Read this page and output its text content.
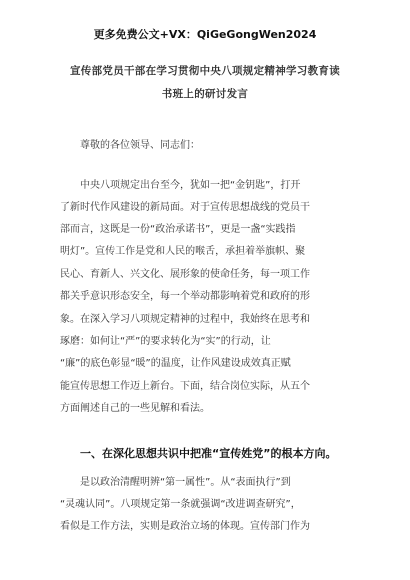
更多免费公文+VX：QiGeGongWen2024
宣传部党员干部在学习贯彻中央八项规定精神学习教育读
书班上的研讨发言
尊敬的各位领导、同志们：
中央八项规定出台至今，犹如一把“金钥匙”，打开
了新时代作风建设的新局面。对于宣传思想战线的党员干
部而言，这既是一份“政治承诺书”，更是一盏“实践指
明灯”。宣传工作是党和人民的喉舌，承担着举旗帜、聚
民心、育新人、兴文化、展形象的使命任务，每一项工作
都关乎意识形态安全，每一个举动都影响着党和政府的形
象。在深入学习八项规定精神的过程中，我始终在思考和
琢磨：如何让“严”的要求转化为“实”的行动，让
“廉”的底色彰显“暖”的温度，让作风建设成效真正赋
能宣传思想工作迈上新台。下面，结合岗位实际，从五个
方面阐述自己的一些见解和看法。
一、在深化思想共识中把准“宣传姓党”的根本方向。
是以政治清醒明辨“第一属性”。从“表面执行”到
“灵魂认同”。八项规定第一条就强调“改进调查研究”，
看似是工作方法，实则是政治立场的体现。宣传部门作为
